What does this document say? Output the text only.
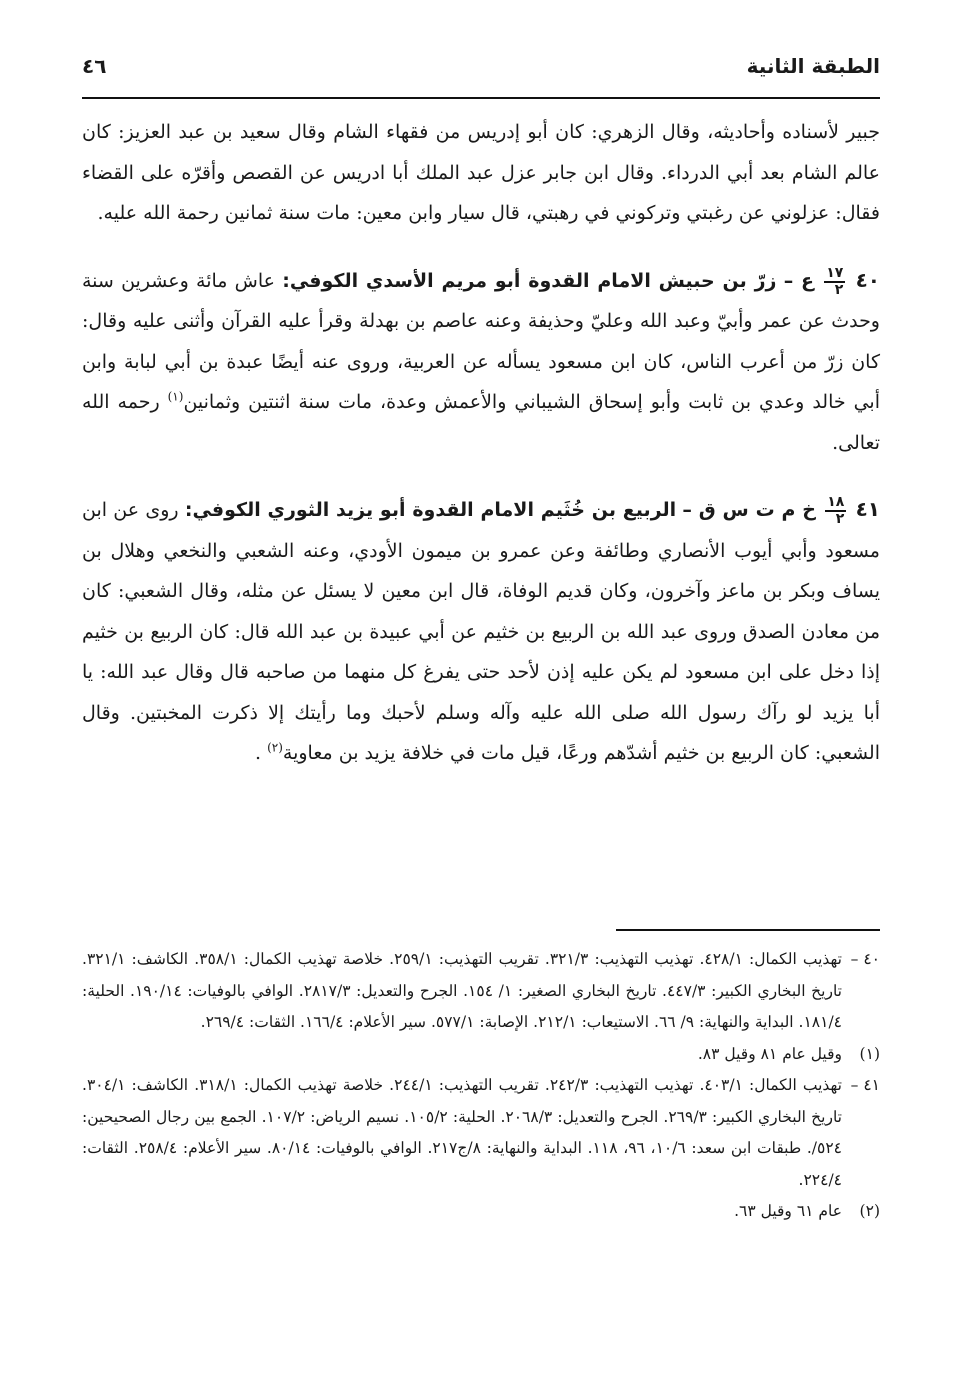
الطبقة الثانية
٤٦

جبير لأسناده وأحاديثه، وقال الزهري: كان أبو إدريس من فقهاء الشام وقال سعيد بن عبد العزيز: كان عالم الشام بعد أبي الدرداء. وقال ابن جابر عزل عبد الملك أبا ادريس عن القصص وأقرّه على القضاء فقال: عزلوني عن رغبتي وتركوني في رهبتي، قال سيار وابن معين: مات سنة ثمانين رحمة الله عليه.

٤٠
$\frac{١٧}{٢}$
ع – زرّ بن حبيش الامام القدوة أبو مريم الأسدي الكوفي: عاش مائة وعشرين سنة وحدث عن عمر وأبيّ وعبد الله وعليّ وحذيفة وعنه عاصم بن بهدلة وقرأ عليه القرآن وأثنى عليه وقال: كان زرّ من أعرب الناس، كان ابن مسعود يسأله عن العربية، وروى عنه أيضًا عبدة بن أبي لبابة وابن أبي خالد وعدي بن ثابت وأبو إسحاق الشيباني والأعمش وعدة، مات سنة اثنتين وثمانين$^{(١)}$ رحمه الله تعالى.

٤١
$\frac{١٨}{٢}$
خ م ت س ق – الربيع بن خُثَيم الامام القدوة أبو يزيد الثوري الكوفي: روى عن ابن مسعود وأبي أيوب الأنصاري وطائفة وعن عمرو بن ميمون الأودي، وعنه الشعبي والنخعي وهلال بن يساف وبكر بن ماعز وآخرون، وكان قديم الوفاة، قال ابن معين لا يسئل عن مثله، وقال الشعبي: كان من معادن الصدق وروى عبد الله بن الربيع بن خثيم عن أبي عبيدة بن عبد الله قال: كان الربيع بن خثيم إذا دخل على ابن مسعود لم يكن عليه إذن لأحد حتى يفرغ كل منهما من صاحبه قال وقال عبد الله: يا أبا يزيد لو رآك رسول الله صلى الله عليه وآله وسلم لأحبك وما رأيتك إلا ذكرت المخبتين. وقال الشعبي: كان الربيع بن خثيم أشدّهم ورعًا، قيل مات في خلافة يزيد بن معاوية$^{(٢)}$ .

٤٠ –

تهذيب الكمال: ٤٢٨/١. تهذيب التهذيب: ٣٢١/٣. تقريب التهذيب: ٢٥٩/١. خلاصة تهذيب الكمال: ٣٥٨/١. الكاشف: ٣٢١/١. تاريخ البخاري الكبير: ٤٤٧/٣. تاريخ البخاري الصغير: ١/ ١٥٤. الجرح والتعديل: ٢٨١٧/٣. الوافي بالوفيات: ١٩٠/١٤. الحلية: ١٨١/٤. البداية والنهاية: ٩/ ٦٦. الاستيعاب: ٢١٢/١. الإصابة: ٥٧٧/١. سير الأعلام: ١٦٦/٤. الثقات: ٢٦٩/٤.

(١)

وقيل عام ٨١ وقيل ٨٣.

٤١ –

تهذيب الكمال: ٤٠٣/١. تهذيب التهذيب: ٢٤٢/٣. تقريب التهذيب: ٢٤٤/١. خلاصة تهذيب الكمال: ٣١٨/١. الكاشف: ٣٠٤/١. تاريخ البخاري الكبير: ٢٦٩/٣. الجرح والتعديل: ٢٠٦٨/٣. الحلية: ١٠٥/٢. نسيم الرياض: ١٠٧/٢. الجمع بين رجال الصحيحين: ٥٢٤/. طبقات ابن سعد: ١٠/٦، ٩٦، ١١٨. البداية والنهاية: ٨/ج٢١٧. الوافي بالوفيات: ٨٠/١٤. سير الأعلام: ٢٥٨/٤. الثقات: ٢٢٤/٤.

(٢)

عام ٦١ وقيل ٦٣.
